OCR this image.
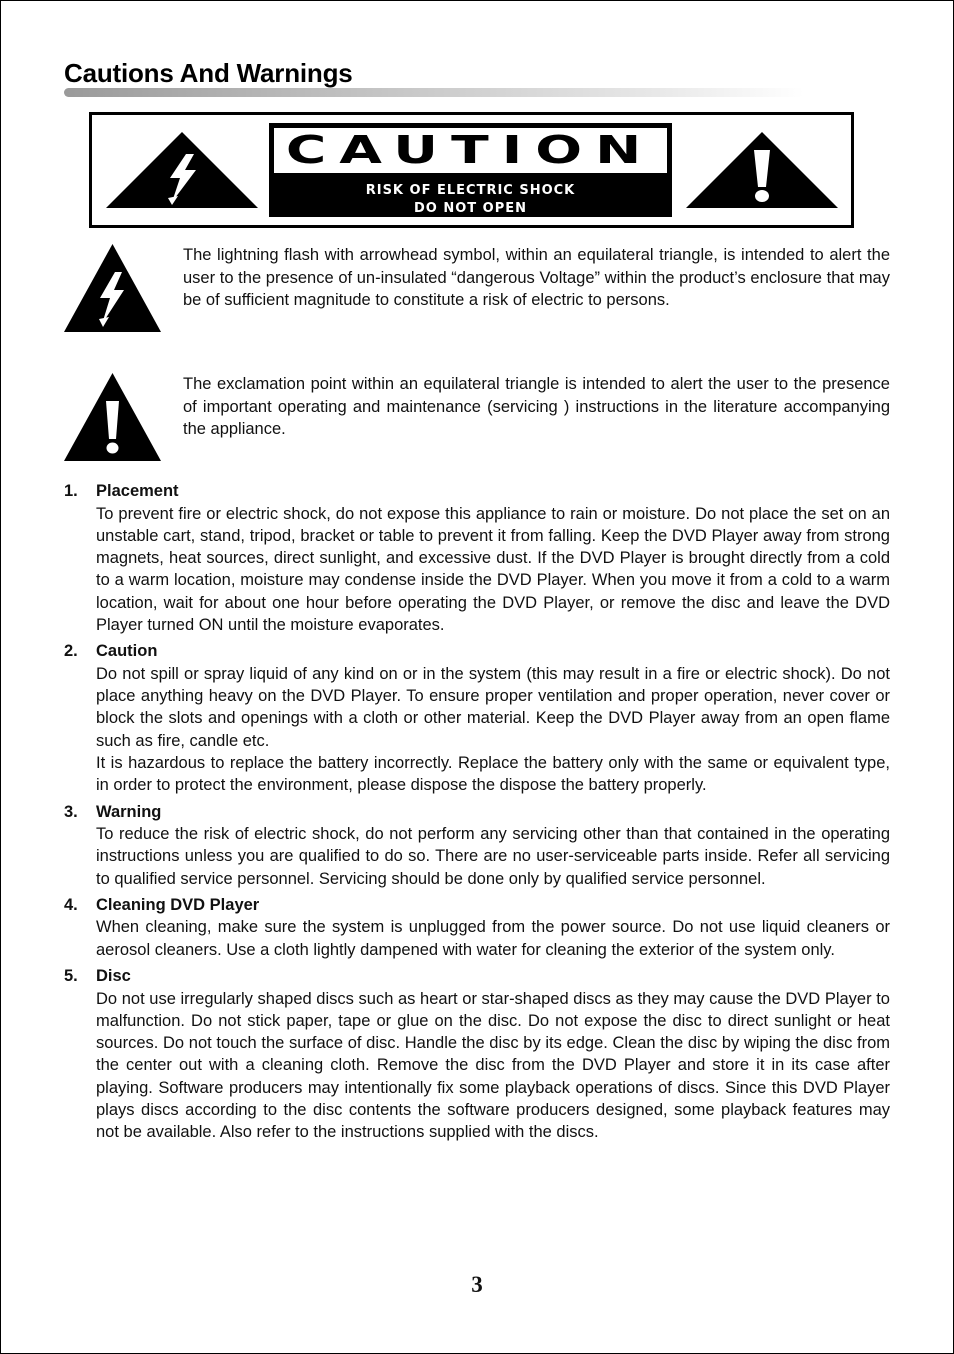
Cautions And Warnings
CAUTION
RISK OF ELECTRIC SHOCK
DO NOT OPEN
The lightning flash with arrowhead symbol, within an equilateral triangle, is intended to alert the user to the presence of un-insulated “dangerous Voltage” within the product’s enclosure that may be of sufficient magnitude to constitute a risk of electric to persons.
The exclamation point within an equilateral triangle is intended to alert the user to the presence of important operating and maintenance (servicing ) instructions in the literature accompanying the appliance.
1. Placement

To prevent fire or electric shock, do not expose this appliance to rain or moisture. Do not place the set on an unstable cart, stand, tripod, bracket or table to prevent it from falling. Keep the DVD Player away from strong magnets, heat sources, direct sunlight, and excessive dust. If the DVD Player is brought directly from a cold to a warm location, moisture may condense inside the DVD Player. When you move it from a cold to a warm location, wait for about one hour before operating the DVD Player, or remove the disc and leave the DVD Player turned ON until the moisture evaporates.

2. Caution

Do not spill or spray liquid of any kind on or in the system (this may result in a fire or electric shock). Do not place anything heavy on the DVD Player. To ensure proper ventilation and proper operation, never cover or block the slots and openings with a cloth or other material. Keep the DVD Player away from an open flame such as fire, candle etc.

It is hazardous to replace the battery incorrectly. Replace the battery only with the same or equivalent type, in order to protect the environment, please dispose the dispose the battery properly.

3. Warning

To reduce the risk of electric shock, do not perform any servicing other than that contained in the operating instructions unless you are qualified to do so. There are no user-serviceable parts inside. Refer all servicing to qualified service personnel. Servicing should be done only by qualified service personnel.

4. Cleaning DVD Player

When cleaning, make sure the system is unplugged from the power source. Do not use liquid cleaners or aerosol cleaners. Use a cloth lightly dampened with water for cleaning the exterior of the system only.

5. Disc

Do not use irregularly shaped discs such as heart or star-shaped discs as they may cause the DVD Player to malfunction. Do not stick paper, tape or glue on the disc. Do not expose the disc to direct sunlight or heat sources. Do not touch the surface of disc. Handle the disc by its edge. Clean the disc by wiping the disc from the center out with a cleaning cloth. Remove the disc from the DVD Player and store it in its case after playing. Software producers may intentionally fix some playback operations of discs. Since this DVD Player plays discs according to the disc contents the software producers designed, some playback features may not be available. Also refer to the instructions supplied with the discs.

3
